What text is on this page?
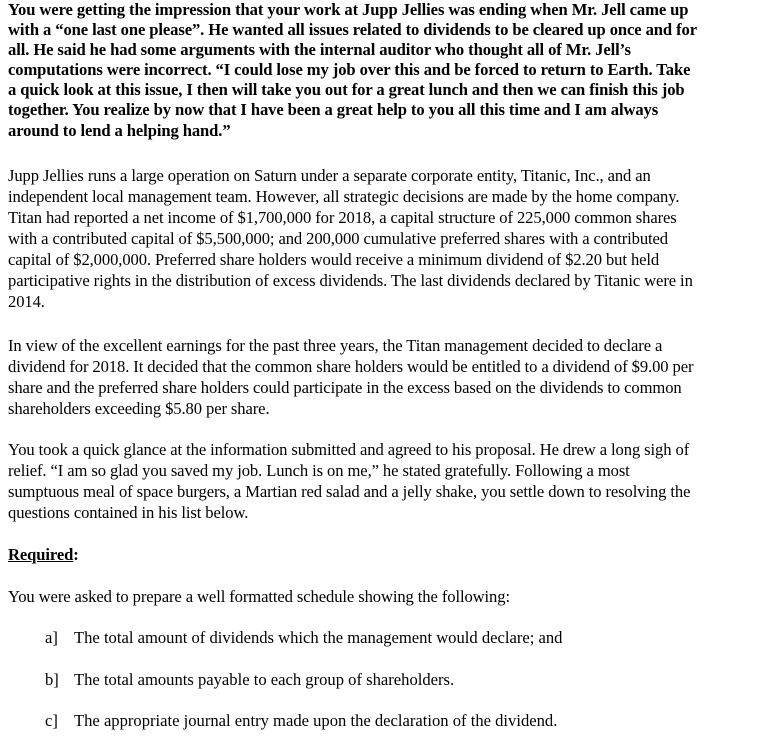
You were getting the impression that your work at Jupp Jellies was ending when Mr. Jell came up
with a “one last one please”. He wanted all issues related to dividends to be cleared up once and for
all. He said he had some arguments with the internal auditor who thought all of Mr. Jell’s
computations were incorrect. “I could lose my job over this and be forced to return to Earth. Take
a quick look at this issue, I then will take you out for a great lunch and then we can finish this job
together. You realize by now that I have been a great help to you all this time and I am always
around to lend a helping hand.”
Jupp Jellies runs a large operation on Saturn under a separate corporate entity, Titanic, Inc., and an
independent local management team. However, all strategic decisions are made by the home company.
Titan had reported a net income of $1,700,000 for 2018, a capital structure of 225,000 common shares
with a contributed capital of $5,500,000; and 200,000 cumulative preferred shares with a contributed
capital of $2,000,000. Preferred share holders would receive a minimum dividend of $2.20 but held
participative rights in the distribution of excess dividends. The last dividends declared by Titanic were in
2014.
In view of the excellent earnings for the past three years, the Titan management decided to declare a
dividend for 2018. It decided that the common share holders would be entitled to a dividend of $9.00 per
share and the preferred share holders could participate in the excess based on the dividends to common
shareholders exceeding $5.80 per share.
You took a quick glance at the information submitted and agreed to his proposal. He drew a long sigh of
relief. “I am so glad you saved my job. Lunch is on me,” he stated gratefully. Following a most
sumptuous meal of space burgers, a Martian red salad and a jelly shake, you settle down to resolving the
questions contained in his list below.
Required:
You were asked to prepare a well formatted schedule showing the following:
a] The total amount of dividends which the management would declare; and
b] The total amounts payable to each group of shareholders.
c] The appropriate journal entry made upon the declaration of the dividend.
